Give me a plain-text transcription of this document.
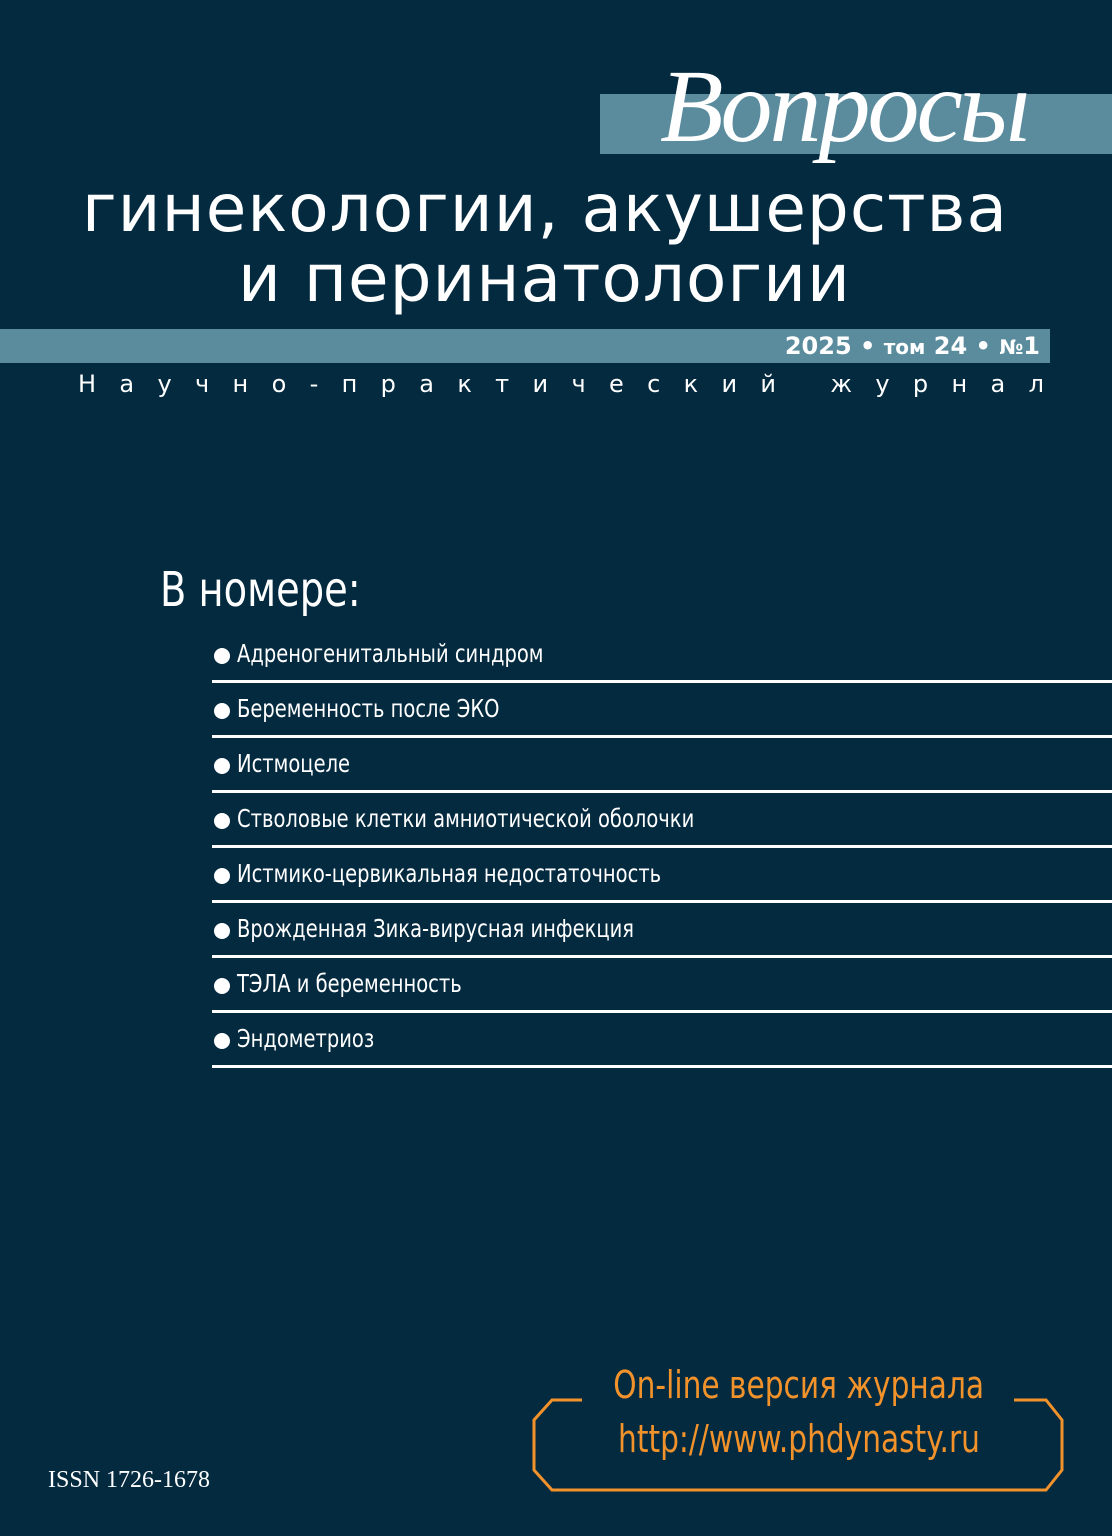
Вопросы
гинекологии, акушерства
и перинатологии
2025 • том 24 • №1
Н а у ч н о - п р а к т и ч е с к и й
ж у р н а л
В номере:
Адреногенитальный синдром
Беременность после ЭКО
Истмоцеле
Стволовые клетки амниотической оболочки
Истмико-цервикальная недостаточность
Врожденная Зика-вирусная инфекция
ТЭЛА и беременность
Эндометриоз
On-line версия журнала
http://www.phdynasty.ru
ISSN 1726-1678
